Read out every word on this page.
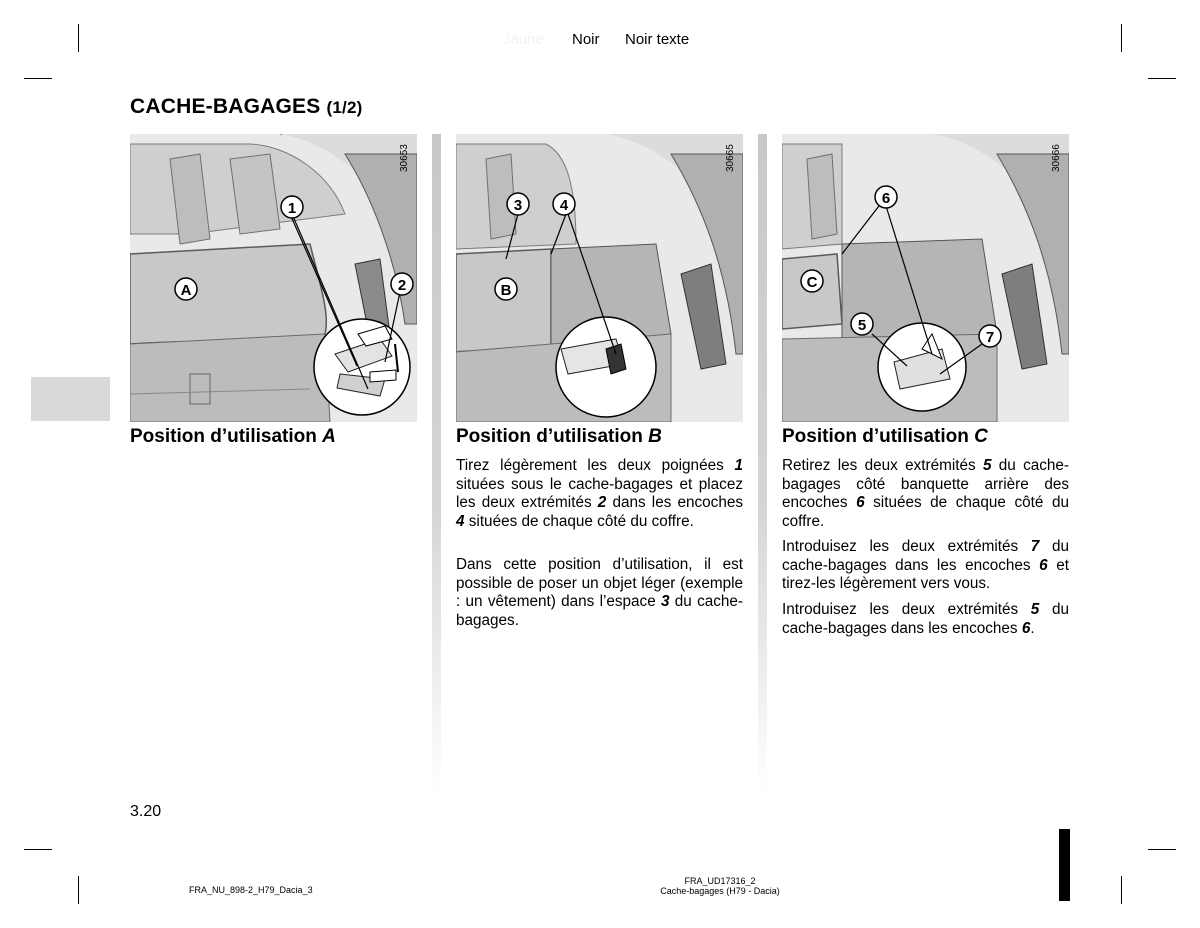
Jaune Noir Noir texte
CACHE-BAGAGES (1/2)
1
2
A
30653
3	4
B
30665
6
5
7
C
30666
Position d’utilisation A	Position d’utilisation B	Position d’utilisation C

Tirez légèrement les deux poignées 1 situées sous le cache-bagages et placez les deux extrémités 2 dans les encoches 4 situées de chaque côté du coffre.

Dans cette position d’utilisation, il est possible de poser un objet léger (exemple : un vêtement) dans l’espace 3 du cache-bagages.

Retirez les deux extrémités 5 du cache-bagages côté banquette arrière des encoches 6 situées de chaque côté du coffre.

Introduisez les deux extrémités 7 du cache-bagages dans les encoches 6 et tirez-les légèrement vers vous.

Introduisez les deux extrémités 5 du cache-bagages dans les encoches 6.

3.20
FRA_NU_898-2_H79_Dacia_3
FRA_UD17316_2
Cache-bagages (H79 - Dacia)
